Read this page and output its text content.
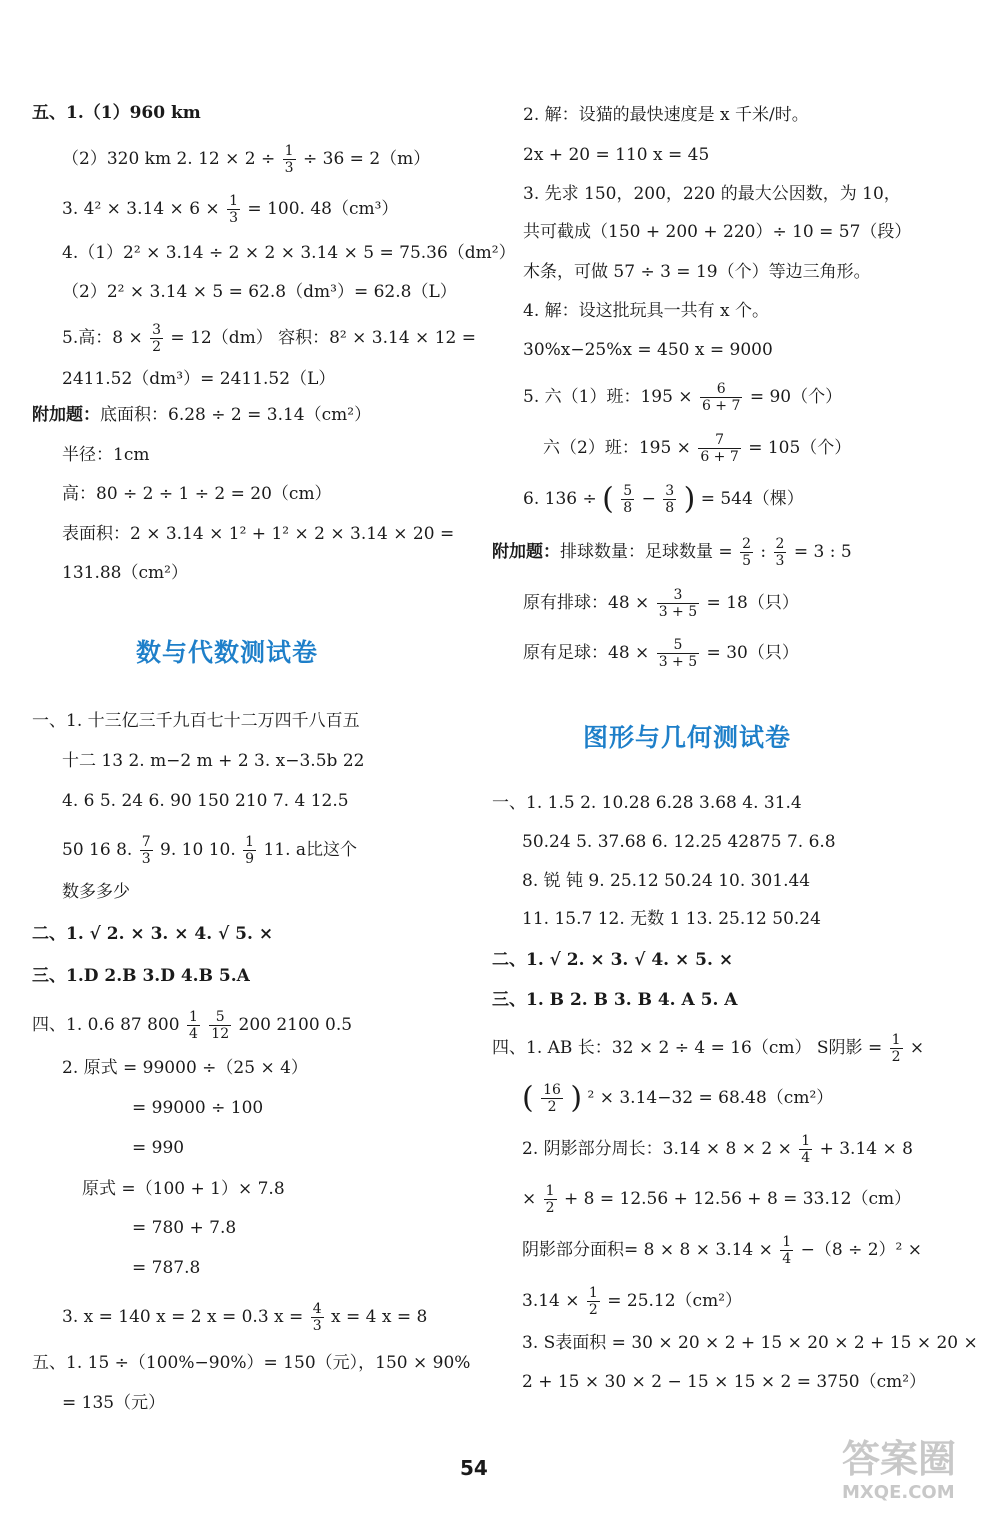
五、1.（1）960 km
（2）320 km 2. $12 \times 2 \div \frac{1}{3} \div 36 = 2(m)$
3. $4^2 \times 3.14 \times 6 \times \frac{1}{3} = 100$. 48（cm³）
4.（1）2² × 3.14 ÷ 2 × 2 × 3.14 × 5 = 75.36（dm²）
（2）2² × 3.14 × 5 = 62.8（dm³）= 62.8（L）
5.高：$8 \times \frac{3}{2} = 12(dm)$ 容积：8² × 3.14 × 12 =
2411.52（dm³）= 2411.52（L）
附加题：底面积：6.28 ÷ 2 = 3.14（cm²）
半径：1cm
高：80 ÷ 2 ÷ 1 ÷ 2 = 20（cm）
表面积：2 × 3.14 × 1² + 1² × 2 × 3.14 × 20 =
131.88（cm²）
数与代数测试卷
一、1. 十三亿三千九百七十二万四千八百五
十二 13 2. m−2 m + 2 3. x−3.5b 22
4. 6 5. 24 6. 90 150 210 7. 4 12.5
50 16 8. $\frac{7}{3} 9$. 10 10. $\frac{1}{9} 11$. a比这个
数多多少
二、1. √ 2. × 3. × 4. √ 5. ×
三、1.D 2.B 3.D 4.B 5.A
四、1. 0.6 87 $800 \frac{1}{4}$
$\frac{5}{12} 200$ 2100 0.5
2. 原式 = 99000 ÷（25 × 4）
= 99000 ÷ 100
= 990
原式 =（100 + 1）× 7.8
= 780 + 7.8
= 787.8
3. x = 140 x = 2 x = 0.3 $x = \frac{4}{3}$ x = 4 x = 8
五、1. 15 ÷（100%−90%）= 150（元），150 × 90%
= 135（元）
2. 解：设猫的最快速度是 x 千米/时。
2x + 20 = 110 x = 45
3. 先求 150，200，220 的最大公因数，为 10，
共可截成（150 + 200 + 220）÷ 10 = 57（段）
木条，可做 57 ÷ 3 = 19（个）等边三角形。
4. 解：设这批玩具一共有 x 个。
30%x−25%x = 450 x = 9000
5. 六（1）班：$195 \times \frac{6}{6 + 7} = 90$（个）
六（2）班：$195 \times \frac{7}{6 + 7} = 105$（个）
6. 136 ÷ ( $\frac{5}{8} - \frac{3}{8}$ ) = 544（棵）
附加题：排球数量：足球数量 = $\frac{2}{5}$ : $\frac{2}{3} = 3$ : 5
原有排球：$48 \times \frac{3}{3 + 5} = 18$（只）
原有足球：$48 \times \frac{5}{3 + 5} = 30$（只）
图形与几何测试卷
一、1. 1.5 2. 10.28 6.28 3.68 4. 31.4
50.24 5. 37.68 6. 12.25 42875 7. 6.8
8. 锐 钝 9. 25.12 50.24 10. 301.44
11. 15.7 12. 无数 1 13. 25.12 50.24
二、1. √ 2. × 3. √ 4. × 5. ×
三、1. B 2. B 3. B 4. A 5. A
四、1. AB 长：32 × 2 ÷ 4 = 16（cm） S阴影 = $\frac{1}{2}$ ×
( $\frac{16}{2}$ ) ² × 3.14−32 = 68.48（cm²）
2. 阴影部分周长：$3.14 \times 8 \times 2 \times \frac{1}{4} + 3.14 \times 8$
× $\frac{1}{2} + 8 = 12.56 + 12.56 + 8 = 33.12(cm)$
阴影部分面积= $8 \times 8 \times 3.14 \times \frac{1}{4} -(8 \div 2)^2$ ×
$3.14 \times \frac{1}{2} = 25.12(cm^2)$
3. S表面积 = 30 × 20 × 2 + 15 × 20 × 2 + 15 × 20 ×
2 + 15 × 30 × 2 − 15 × 15 × 2 = 3750（cm²）
54	答案圈
MXQE.COM
